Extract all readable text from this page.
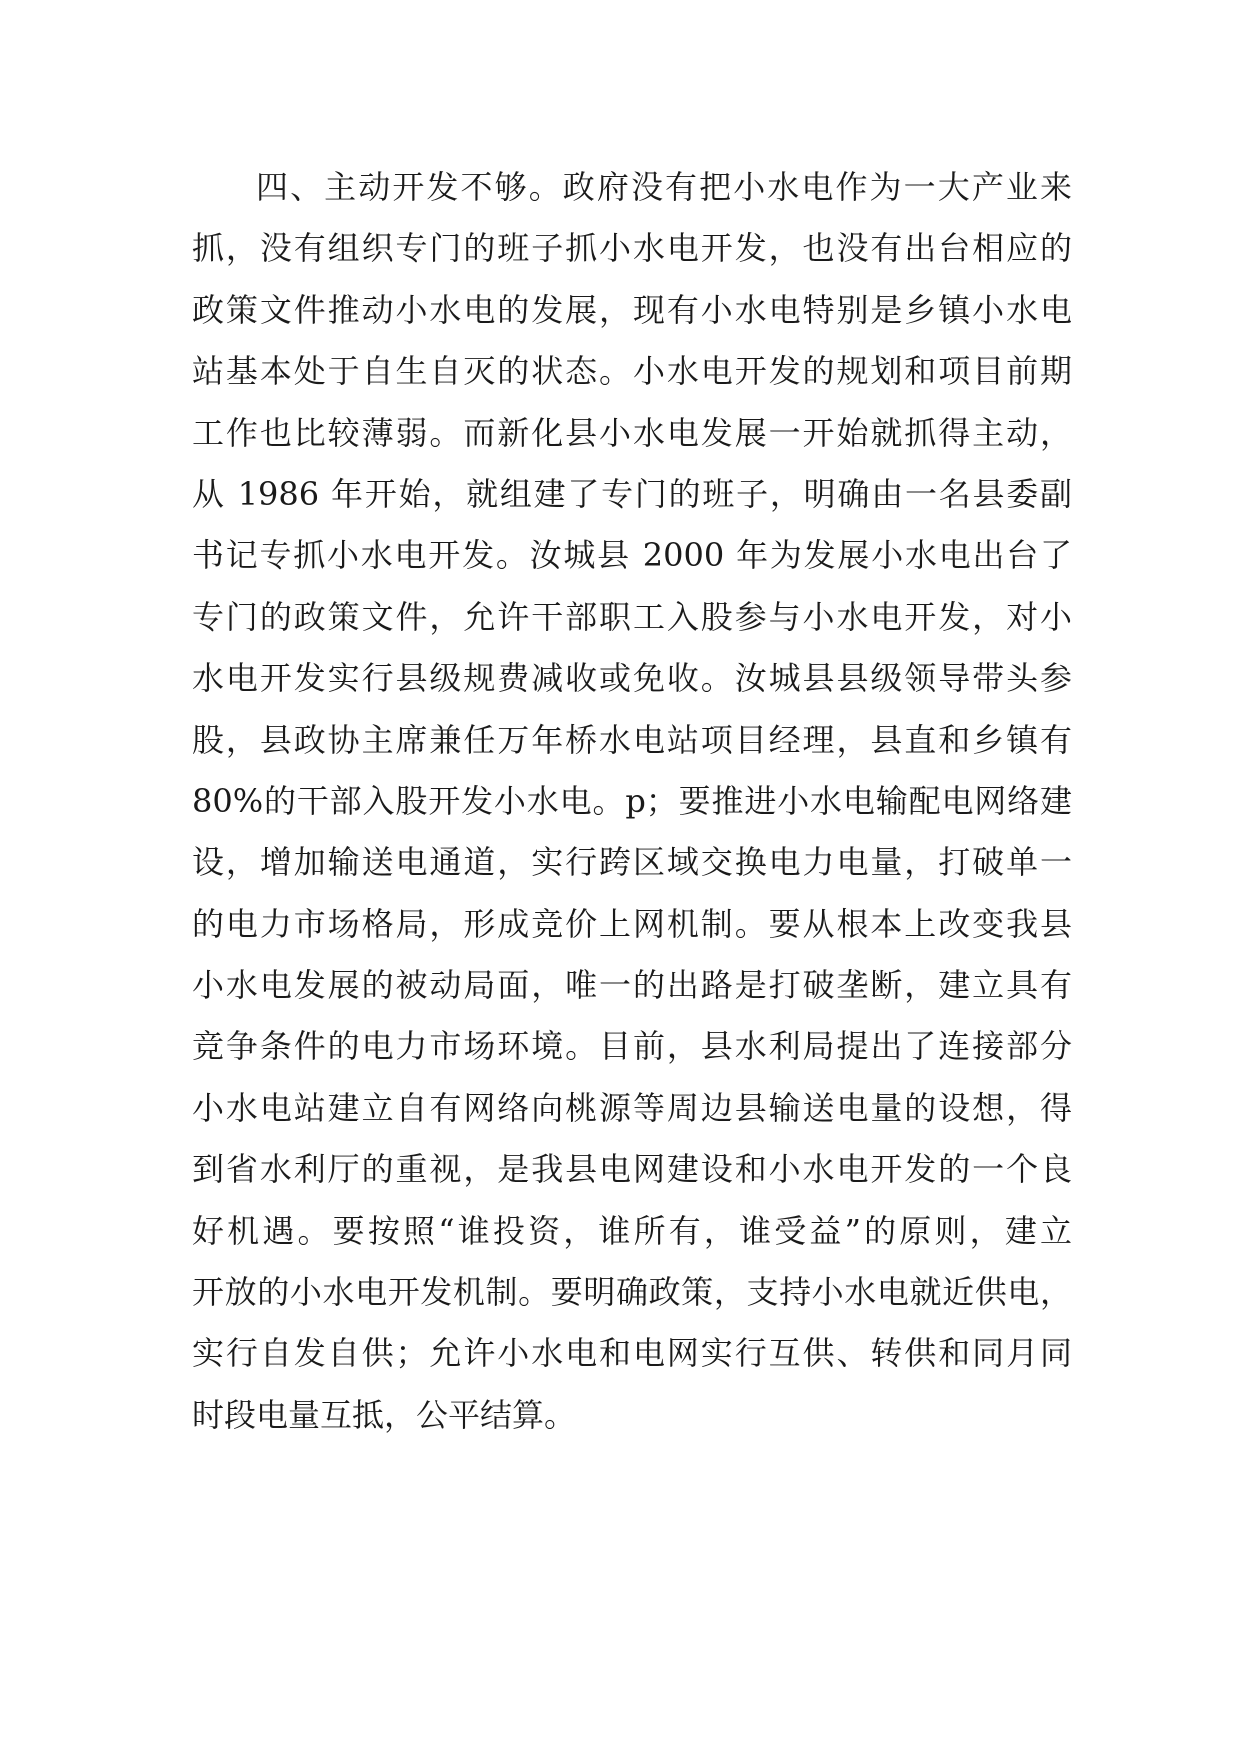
四、主动开发不够。政府没有把小水电作为一大产业来
抓，没有组织专门的班子抓小水电开发，也没有出台相应的
政策文件推动小水电的发展，现有小水电特别是乡镇小水电
站基本处于自生自灭的状态。小水电开发的规划和项目前期
工作也比较薄弱。而新化县小水电发展一开始就抓得主动，
从 1986 年开始，就组建了专门的班子，明确由一名县委副
书记专抓小水电开发。汝城县 2000 年为发展小水电出台了
专门的政策文件，允许干部职工入股参与小水电开发，对小
水电开发实行县级规费减收或免收。汝城县县级领导带头参
股，县政协主席兼任万年桥水电站项目经理，县直和乡镇有
80%的干部入股开发小水电。p；要推进小水电输配电网络建
设，增加输送电通道，实行跨区域交换电力电量，打破单一
的电力市场格局，形成竞价上网机制。要从根本上改变我县
小水电发展的被动局面，唯一的出路是打破垄断，建立具有
竞争条件的电力市场环境。目前，县水利局提出了连接部分
小水电站建立自有网络向桃源等周边县输送电量的设想，得
到省水利厅的重视，是我县电网建设和小水电开发的一个良
好机遇。要按照“谁投资，谁所有，谁受益”的原则，建立
开放的小水电开发机制。要明确政策，支持小水电就近供电，
实行自发自供；允许小水电和电网实行互供、转供和同月同
时段电量互抵，公平结算。
